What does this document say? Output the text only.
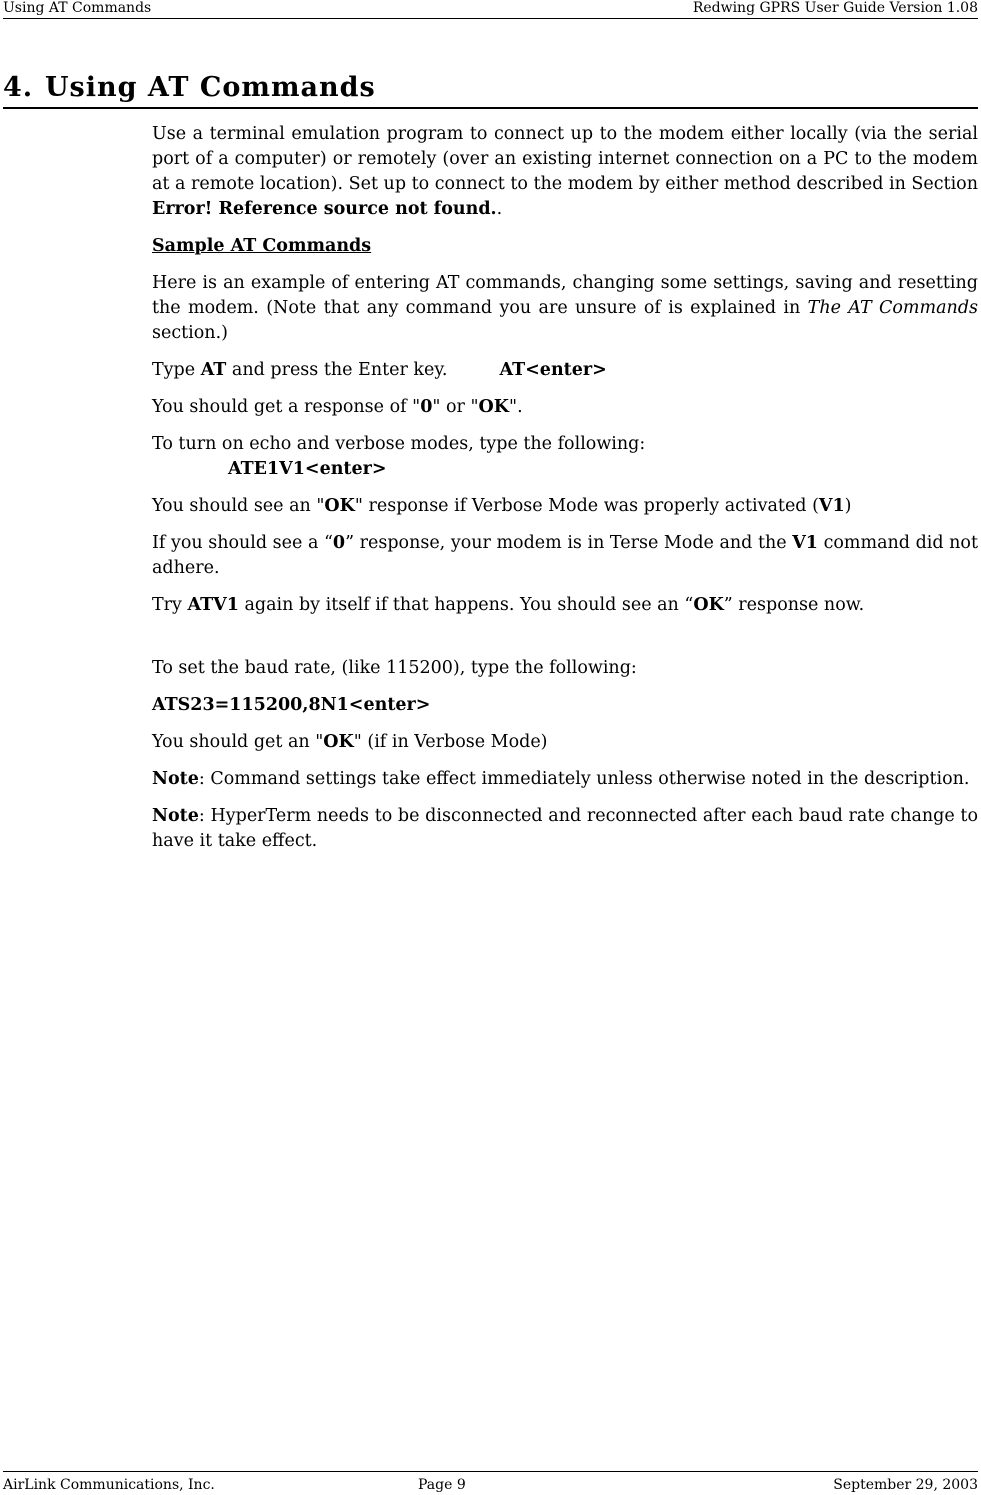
Using AT Commands	Redwing GPRS User Guide Version 1.08
4. Using AT Commands

Use a terminal emulation program to connect up to the modem either locally (via the serial port of a computer) or remotely (over an existing internet connection on a PC to the modem at a remote location). Set up to connect to the modem by either method described in Section Error! Reference source not found..

Sample AT Commands

Here is an example of entering AT commands, changing some settings, saving and resetting the modem. (Note that any command you are unsure of is explained in The AT Commands section.)

Type AT and press the Enter key.	AT<enter>

You should get a response of "0" or "OK".

To turn on echo and verbose modes, type the following:
ATE1V1<enter>

You should see an "OK" response if Verbose Mode was properly activated (V1)

If you should see a “0” response, your modem is in Terse Mode and the V1 command did not adhere.

Try ATV1 again by itself if that happens. You should see an “OK” response now.

To set the baud rate, (like 115200), type the following:

ATS23=115200,8N1<enter>

You should get an "OK" (if in Verbose Mode)

Note: Command settings take effect immediately unless otherwise noted in the description.

Note: HyperTerm needs to be disconnected and reconnected after each baud rate change to have it take effect.

AirLink Communications, Inc.	Page 9	September 29, 2003
